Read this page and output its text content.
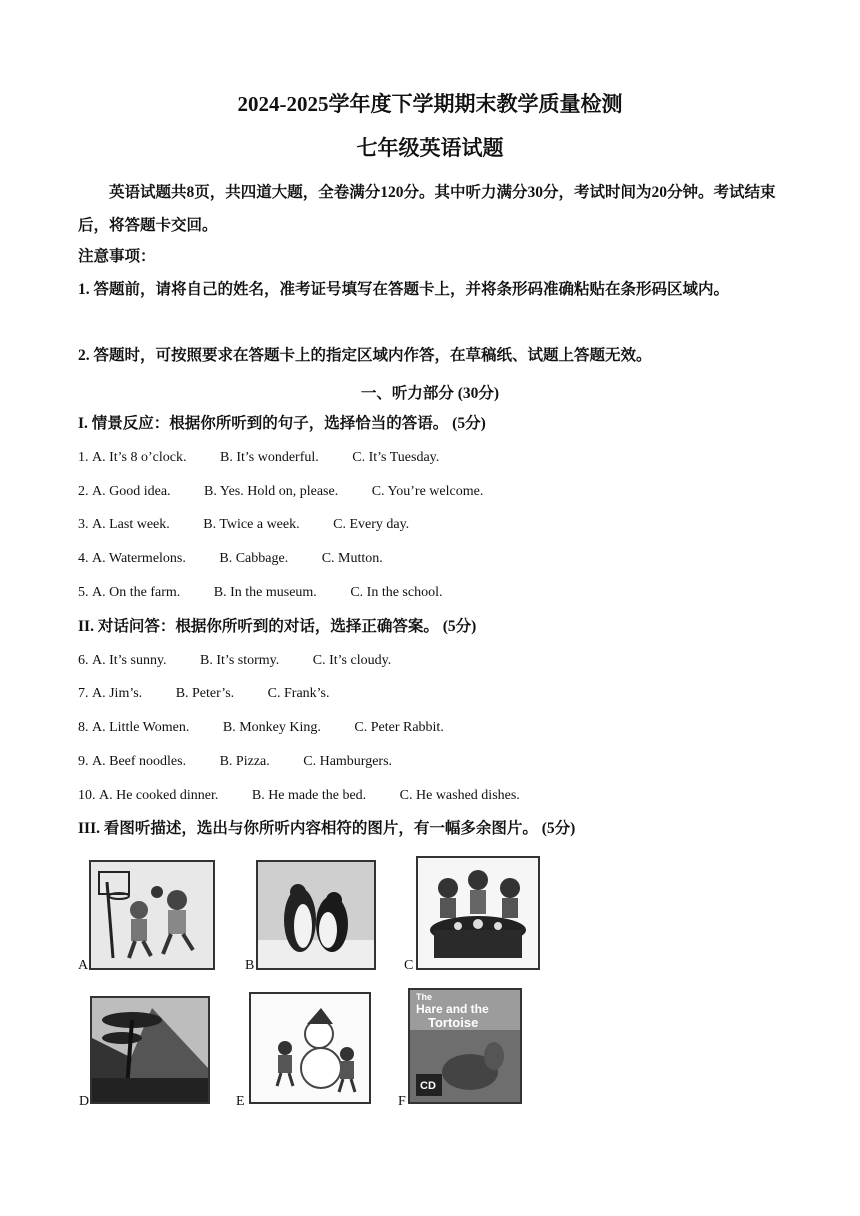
2024-2025学年度下学期期末教学质量检测
七年级英语试题
英语试题共8页，共四道大题，全卷满分120分。其中听力满分30分，考试时间为20分钟。考试结束后，将答题卡交回。
注意事项：
1. 答题前，请将自己的姓名，准考证号填写在答题卡上，并将条形码准确粘贴在条形码区域内。
2. 答题时，可按照要求在答题卡上的指定区域内作答，在草稿纸、试题上答题无效。
一、听力部分 (30分)
I. 情景反应：根据你所听到的句子，选择恰当的答语。 (5分)
1. A. It’s 8 o’clock. B. It’s wonderful. C. It’s Tuesday.
2. A. Good idea. B. Yes. Hold on, please. C. You’re welcome.
3. A. Last week. B. Twice a week. C. Every day.
4. A. Watermelons. B. Cabbage. C. Mutton.
5. A. On the farm. B. In the museum. C. In the school.
II. 对话问答：根据你所听到的对话，选择正确答案。 (5分)
6. A. It’s sunny. B. It’s stormy. C. It’s cloudy.
7. A. Jim’s. B. Peter’s. C. Frank’s.
8. A. Little Women. B. Monkey King. C. Peter Rabbit.
9. A. Beef noodles. B. Pizza. C. Hamburgers.
10. A. He cooked dinner. B. He made the bed. C. He washed dishes.
III. 看图听描述，选出与你所听内容相符的图片，有一幅多余图片。 (5分)
A	B	C
D	E
The
Hare and the
Tortoise
CD
F
